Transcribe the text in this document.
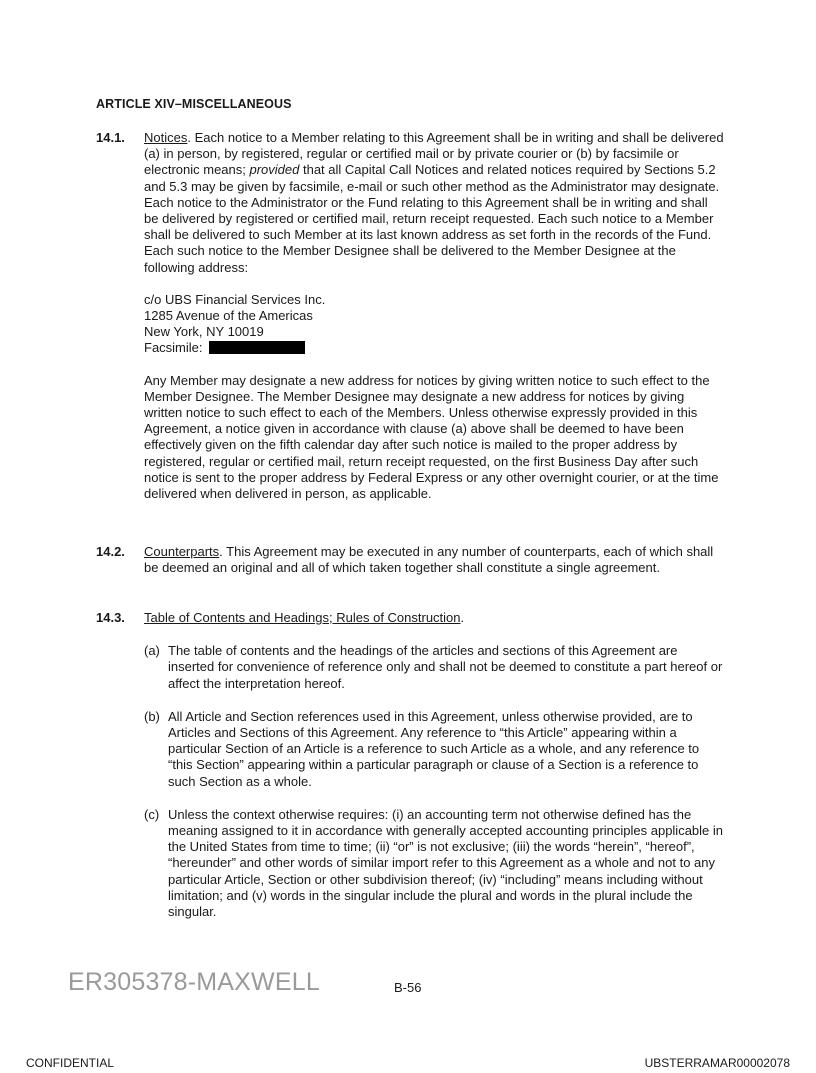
ARTICLE XIV–MISCELLANEOUS
14.1. Notices. Each notice to a Member relating to this Agreement shall be in writing and shall be delivered (a) in person, by registered, regular or certified mail or by private courier or (b) by facsimile or electronic means; provided that all Capital Call Notices and related notices required by Sections 5.2 and 5.3 may be given by facsimile, e-mail or such other method as the Administrator may designate. Each notice to the Administrator or the Fund relating to this Agreement shall be in writing and shall be delivered by registered or certified mail, return receipt requested. Each such notice to a Member shall be delivered to such Member at its last known address as set forth in the records of the Fund. Each such notice to the Member Designee shall be delivered to the Member Designee at the following address:

c/o UBS Financial Services Inc.
1285 Avenue of the Americas
New York, NY 10019
Facsimile:

Any Member may designate a new address for notices by giving written notice to such effect to the Member Designee. The Member Designee may designate a new address for notices by giving written notice to such effect to each of the Members. Unless otherwise expressly provided in this Agreement, a notice given in accordance with clause (a) above shall be deemed to have been effectively given on the fifth calendar day after such notice is mailed to the proper address by registered, regular or certified mail, return receipt requested, on the first Business Day after such notice is sent to the proper address by Federal Express or any other overnight courier, or at the time delivered when delivered in person, as applicable.

14.2. Counterparts. This Agreement may be executed in any number of counterparts, each of which shall be deemed an original and all of which taken together shall constitute a single agreement.

14.3. Table of Contents and Headings; Rules of Construction.

(a) The table of contents and the headings of the articles and sections of this Agreement are inserted for convenience of reference only and shall not be deemed to constitute a part hereof or affect the interpretation hereof.
(b) All Article and Section references used in this Agreement, unless otherwise provided, are to Articles and Sections of this Agreement. Any reference to “this Article” appearing within a particular Section of an Article is a reference to such Article as a whole, and any reference to “this Section” appearing within a particular paragraph or clause of a Section is a reference to such Section as a whole.
(c) Unless the context otherwise requires: (i) an accounting term not otherwise defined has the meaning assigned to it in accordance with generally accepted accounting principles applicable in the United States from time to time; (ii) “or” is not exclusive; (iii) the words “herein”, “hereof”, “hereunder” and other words of similar import refer to this Agreement as a whole and not to any particular Article, Section or other subdivision thereof; (iv) “including” means including without limitation; and (v) words in the singular include the plural and words in the plural include the singular.
ER305378-MAXWELL	B-56
CONFIDENTIAL	UBSTERRAMAR00002078
